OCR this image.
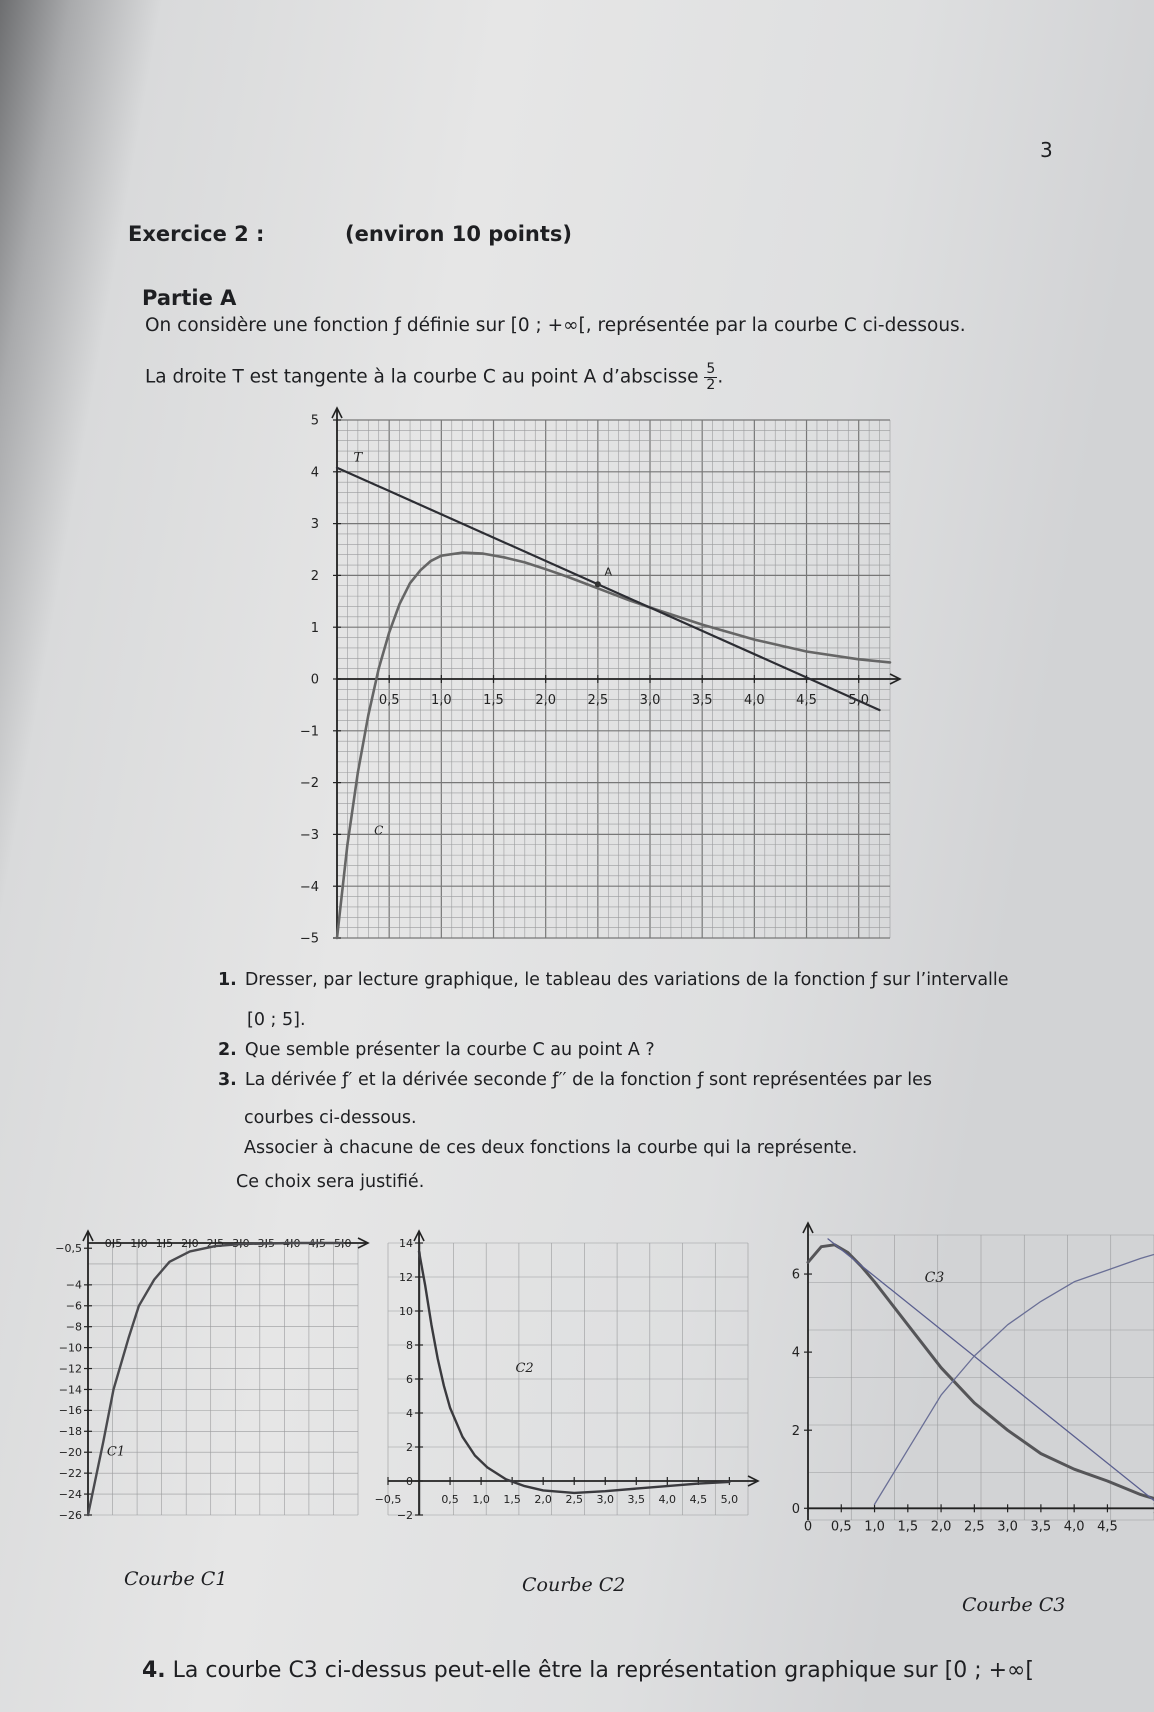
3
Exercice 2 :	(environ 10 points)
Partie A
On considère une fonction ƒ définie sur [0 ; +∞[, représentée par la courbe C ci-dessous.
La droite T est tangente à la courbe C au point A d’abscisse $\frac{5}{2}$ .
0,5 1,0 1,5 2,0 2,5 3,0 3,5 4,0 4,5 5,0
5
4
3
2
1
0
−1
−2
−3
−4
−5
T
A
C
1. Dresser, par lecture graphique, le tableau des variations de la fonction ƒ sur l’intervalle
[0 ; 5].
2. Que semble présenter la courbe C au point A ?
3. La dérivée ƒ′ et la dérivée seconde ƒ′′ de la fonction ƒ sont représentées par les
courbes ci-dessous.
Associer à chacune de ces deux fonctions la courbe qui la représente.
Ce choix sera justifié.
0,5 1,0 1,5 2,0 2,5 3,0 3,5 4,0 4,5 5,0
−0,5
−4
−6
−8
−10
−12
−14
−16
−18
−20
−22
−24
−26
C1
−0,5	0,5 1,0 1,5 2,0 2,5 3,0 3,5 4,0 4,5 5,0
14
12
10
8
6
4
2
0
−2
C2
0 0,5 1,0 1,5 2,0 2,5 3,0 3,5 4,0 4,5
6
4
2
0
C3
Courbe C1	Courbe C2
Courbe C3
4. La courbe C3 ci-dessus peut-elle être la représentation graphique sur [0 ; +∞[
